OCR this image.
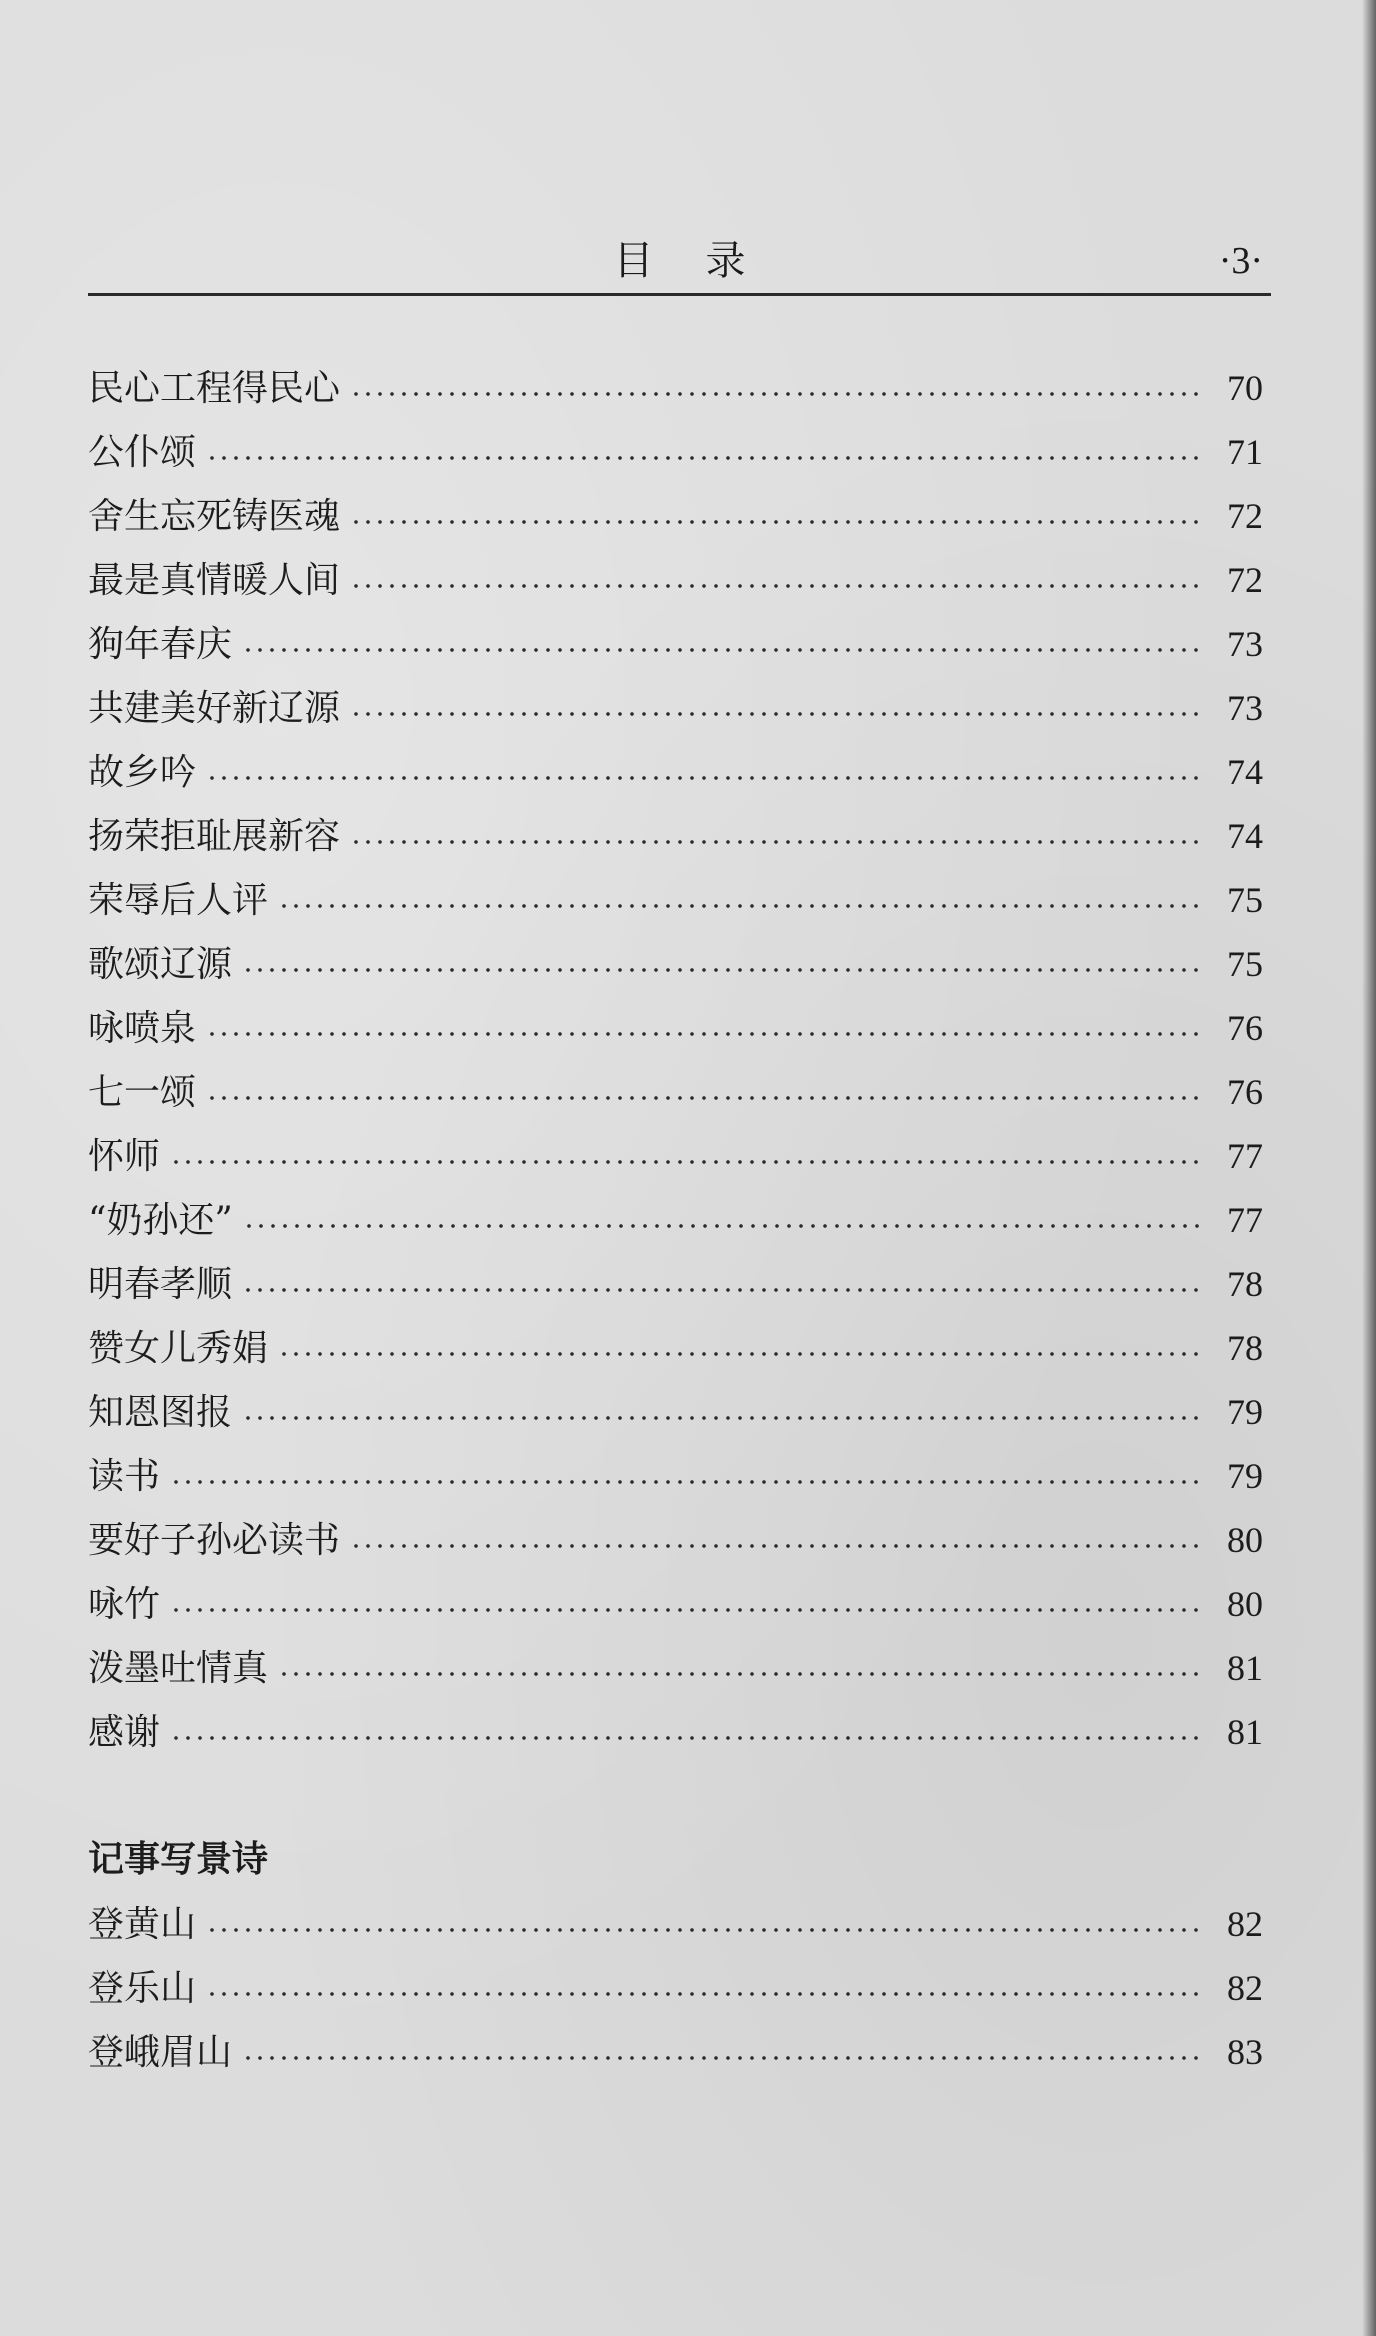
目录	·3·
民心工程得民心	70
公仆颂	71
舍生忘死铸医魂	72
最是真情暖人间	72
狗年春庆	73
共建美好新辽源	73
故乡吟	74
扬荣拒耻展新容	74
荣辱后人评	75
歌颂辽源	75
咏喷泉	76
七一颂	76
怀师	77
“奶孙还”	77
明春孝顺	78
赞女儿秀娟	78
知恩图报	79
读书	79
要好子孙必读书	80
咏竹	80
泼墨吐情真	81
感谢	81
记事写景诗
登黄山	82
登乐山	82
登峨眉山	83
